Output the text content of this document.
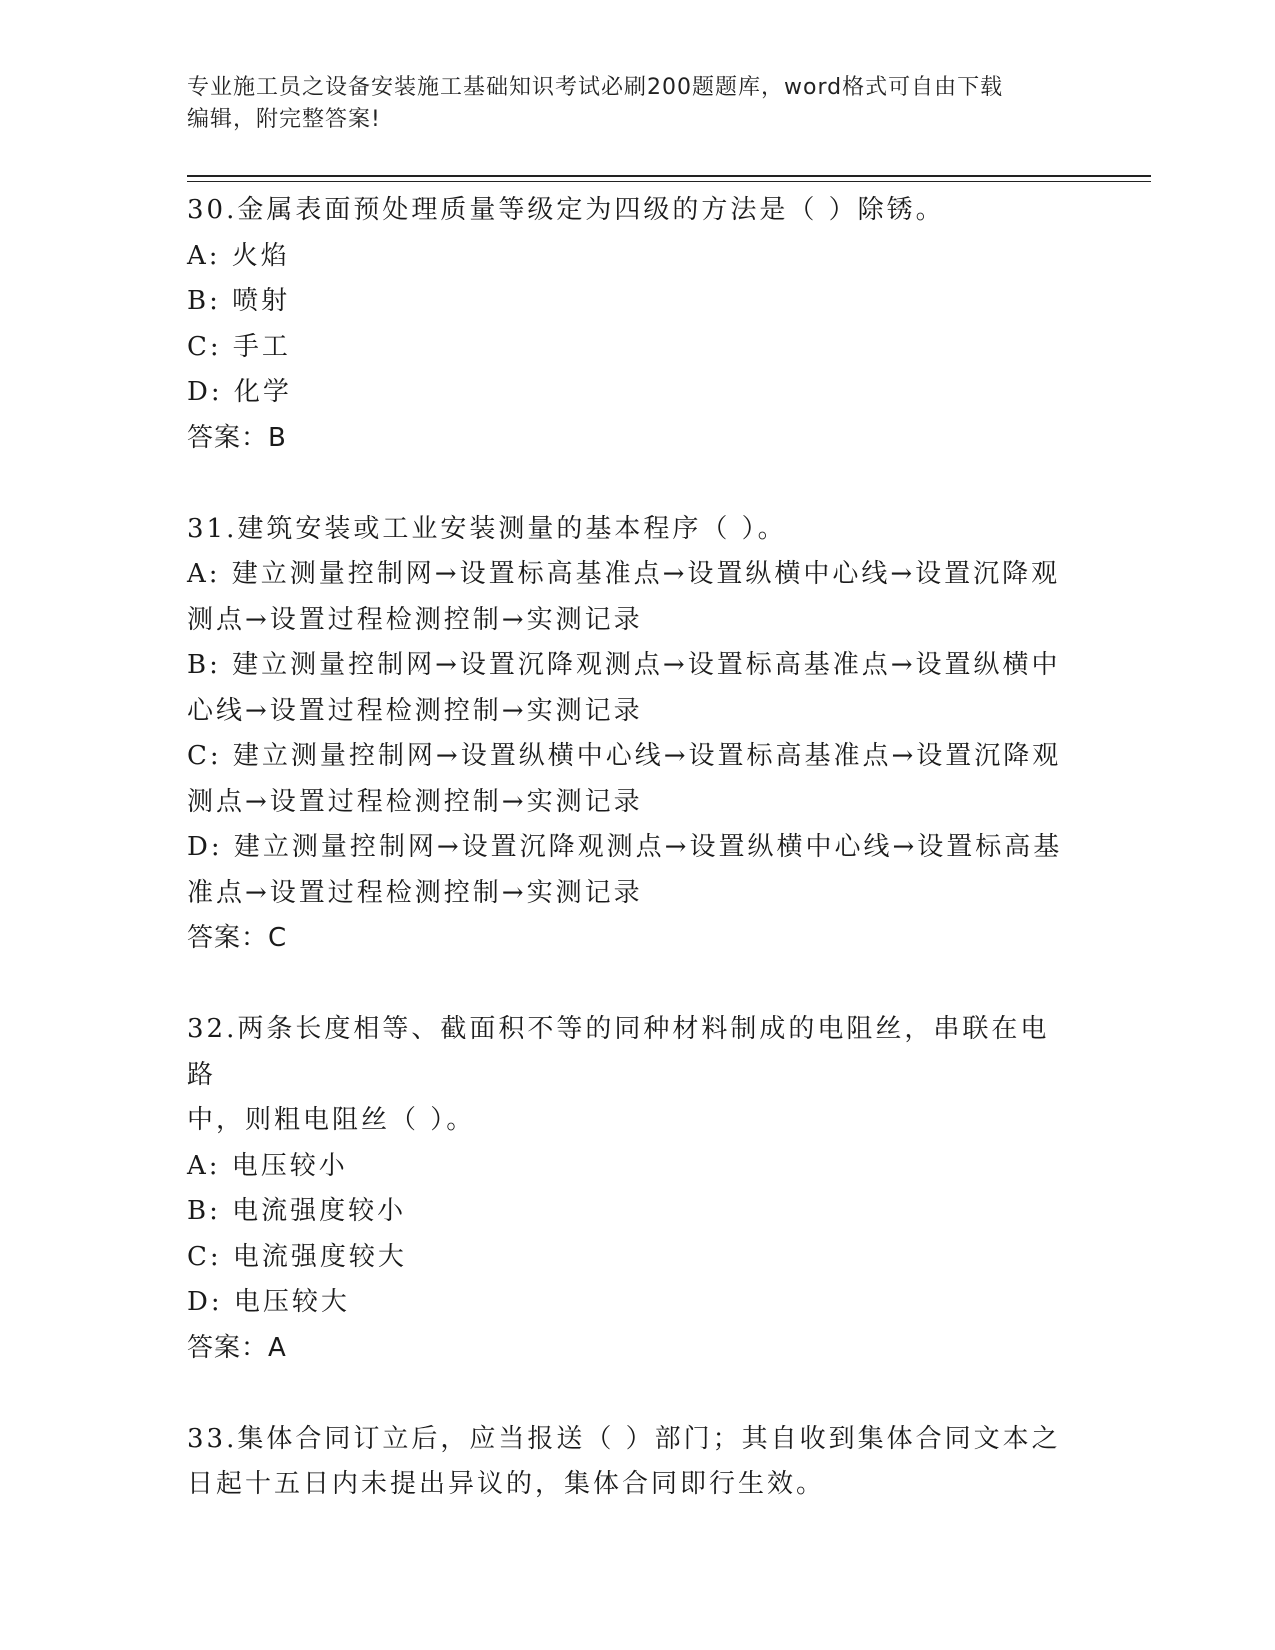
专业施工员之设备安装施工基础知识考试必刷200题题库，word格式可自由下载
编辑，附完整答案!
30.金属表面预处理质量等级定为四级的方法是（ ）除锈。
A: 火焰
B: 喷射
C: 手工
D: 化学
答案：B
31.建筑安装或工业安装测量的基本程序（ ）。
A: 建立测量控制网→设置标高基准点→设置纵横中心线→设置沉降观
测点→设置过程检测控制→实测记录
B: 建立测量控制网→设置沉降观测点→设置标高基准点→设置纵横中
心线→设置过程检测控制→实测记录
C: 建立测量控制网→设置纵横中心线→设置标高基准点→设置沉降观
测点→设置过程检测控制→实测记录
D: 建立测量控制网→设置沉降观测点→设置纵横中心线→设置标高基
准点→设置过程检测控制→实测记录
答案：C
32.两条长度相等、截面积不等的同种材料制成的电阻丝，串联在电路
中，则粗电阻丝（ ）。
A: 电压较小
B: 电流强度较小
C: 电流强度较大
D: 电压较大
答案：A
33.集体合同订立后，应当报送（ ）部门；其自收到集体合同文本之
日起十五日内未提出异议的，集体合同即行生效。
